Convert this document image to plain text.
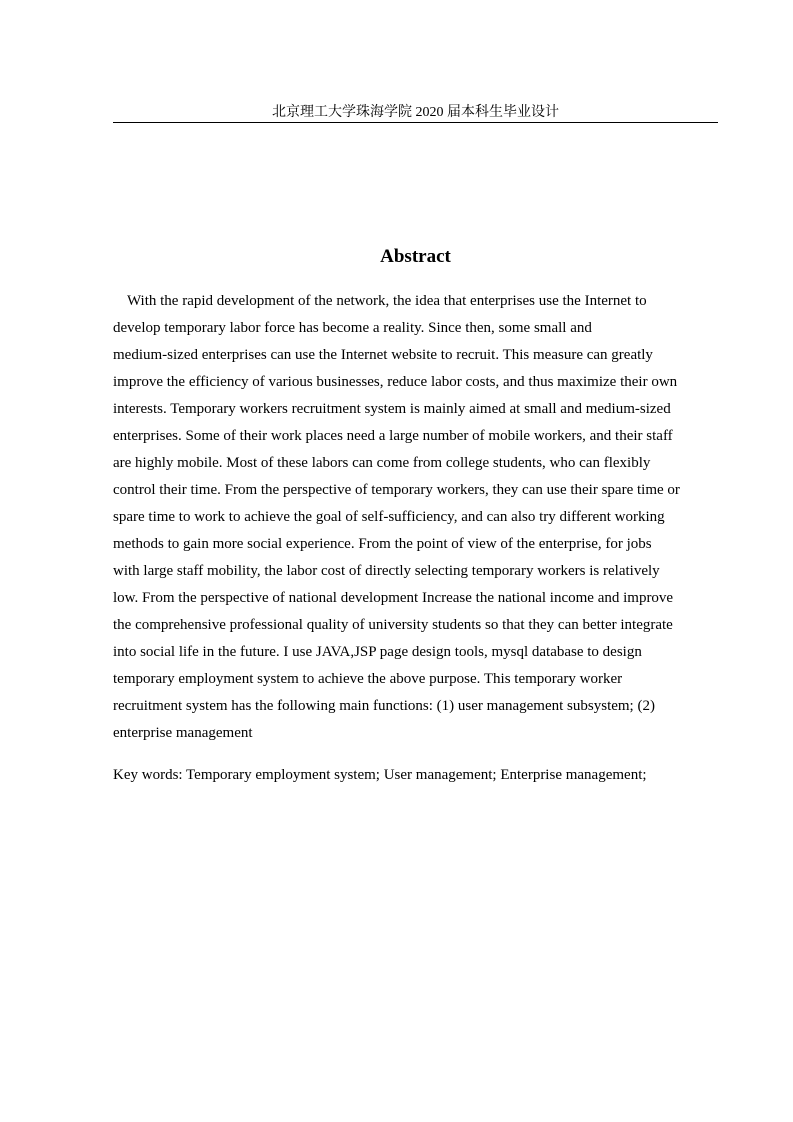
北京理工大学珠海学院 2020 届本科生毕业设计
Abstract
With the rapid development of the network, the idea that enterprises use the Internet to
develop temporary labor force has become a reality. Since then, some small and
medium-sized enterprises can use the Internet website to recruit. This measure can greatly
improve the efficiency of various businesses, reduce labor costs, and thus maximize their own
interests. Temporary workers recruitment system is mainly aimed at small and medium-sized
enterprises. Some of their work places need a large number of mobile workers, and their staff
are highly mobile. Most of these labors can come from college students, who can flexibly
control their time. From the perspective of temporary workers, they can use their spare time or
spare time to work to achieve the goal of self-sufficiency, and can also try different working
methods to gain more social experience. From the point of view of the enterprise, for jobs
with large staff mobility, the labor cost of directly selecting temporary workers is relatively
low. From the perspective of national development Increase the national income and improve
the comprehensive professional quality of university students so that they can better integrate
into social life in the future. I use JAVA,JSP page design tools, mysql database to design
temporary employment system to achieve the above purpose. This temporary worker
recruitment system has the following main functions: (1) user management subsystem; (2)
enterprise management
Key words: Temporary employment system; User management; Enterprise management;
